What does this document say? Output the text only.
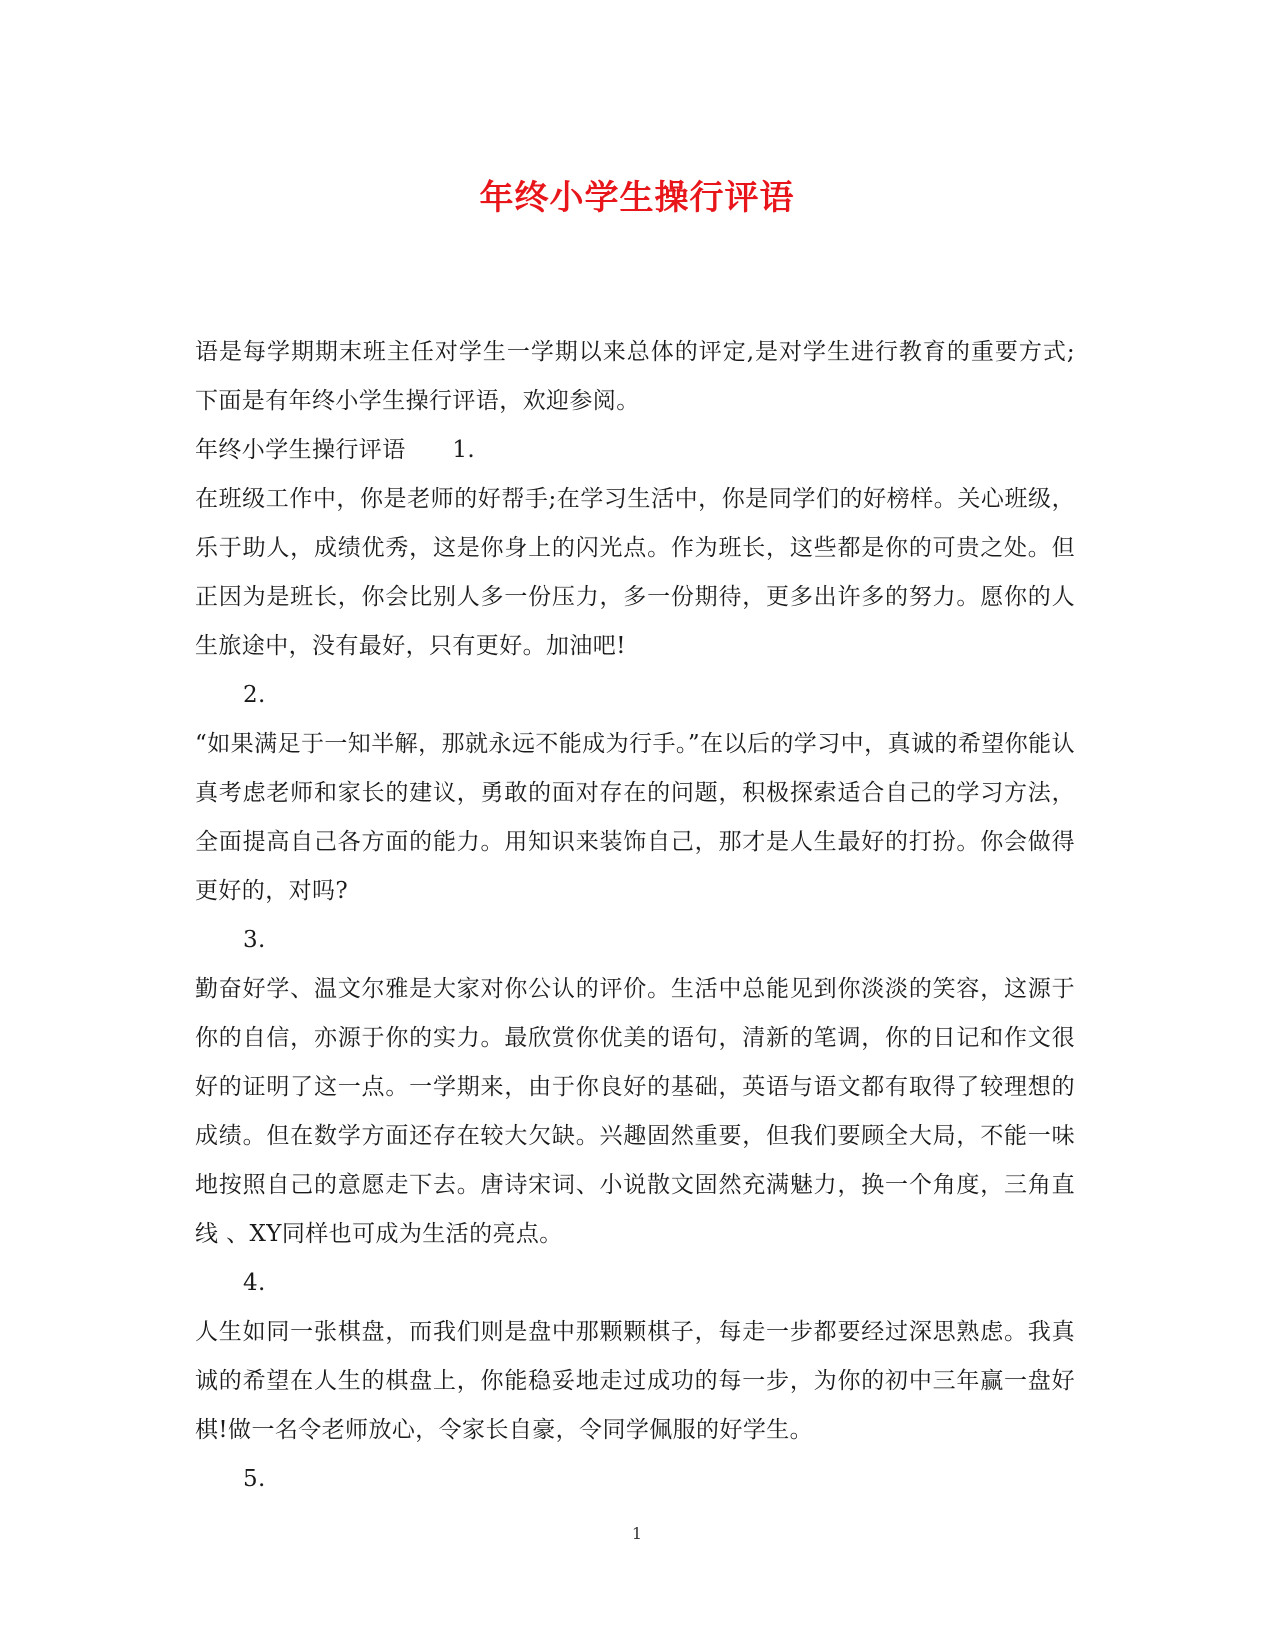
年终小学生操行评语

语是每学期期末班主任对学生一学期以来总体的评定,是对学生进行教育的重要方式;下面是有年终小学生操行评语，欢迎参阅。

年终小学生操行评语　　1.

在班级工作中，你是老师的好帮手;在学习生活中，你是同学们的好榜样。关心班级，乐于助人，成绩优秀，这是你身上的闪光点。作为班长，这些都是你的可贵之处。但正因为是班长，你会比别人多一份压力，多一份期待，更多出许多的努力。愿你的人生旅途中，没有最好，只有更好。加油吧!

2.

“如果满足于一知半解，那就永远不能成为行手。”在以后的学习中，真诚的希望你能认真考虑老师和家长的建议，勇敢的面对存在的问题，积极探索适合自己的学习方法，全面提高自己各方面的能力。用知识来装饰自己，那才是人生最好的打扮。你会做得更好的，对吗?

3.

勤奋好学、温文尔雅是大家对你公认的评价。生活中总能见到你淡淡的笑容，这源于你的自信，亦源于你的实力。最欣赏你优美的语句，清新的笔调，你的日记和作文很好的证明了这一点。一学期来，由于你良好的基础，英语与语文都有取得了较理想的成绩。但在数学方面还存在较大欠缺。兴趣固然重要，但我们要顾全大局，不能一味地按照自己的意愿走下去。唐诗宋词、小说散文固然充满魅力，换一个角度，三角直线 、XY同样也可成为生活的亮点。

4.

人生如同一张棋盘，而我们则是盘中那颗颗棋子，每走一步都要经过深思熟虑。我真诚的希望在人生的棋盘上，你能稳妥地走过成功的每一步，为你的初中三年赢一盘好棋!做一名令老师放心，令家长自豪，令同学佩服的好学生。

5.

1
